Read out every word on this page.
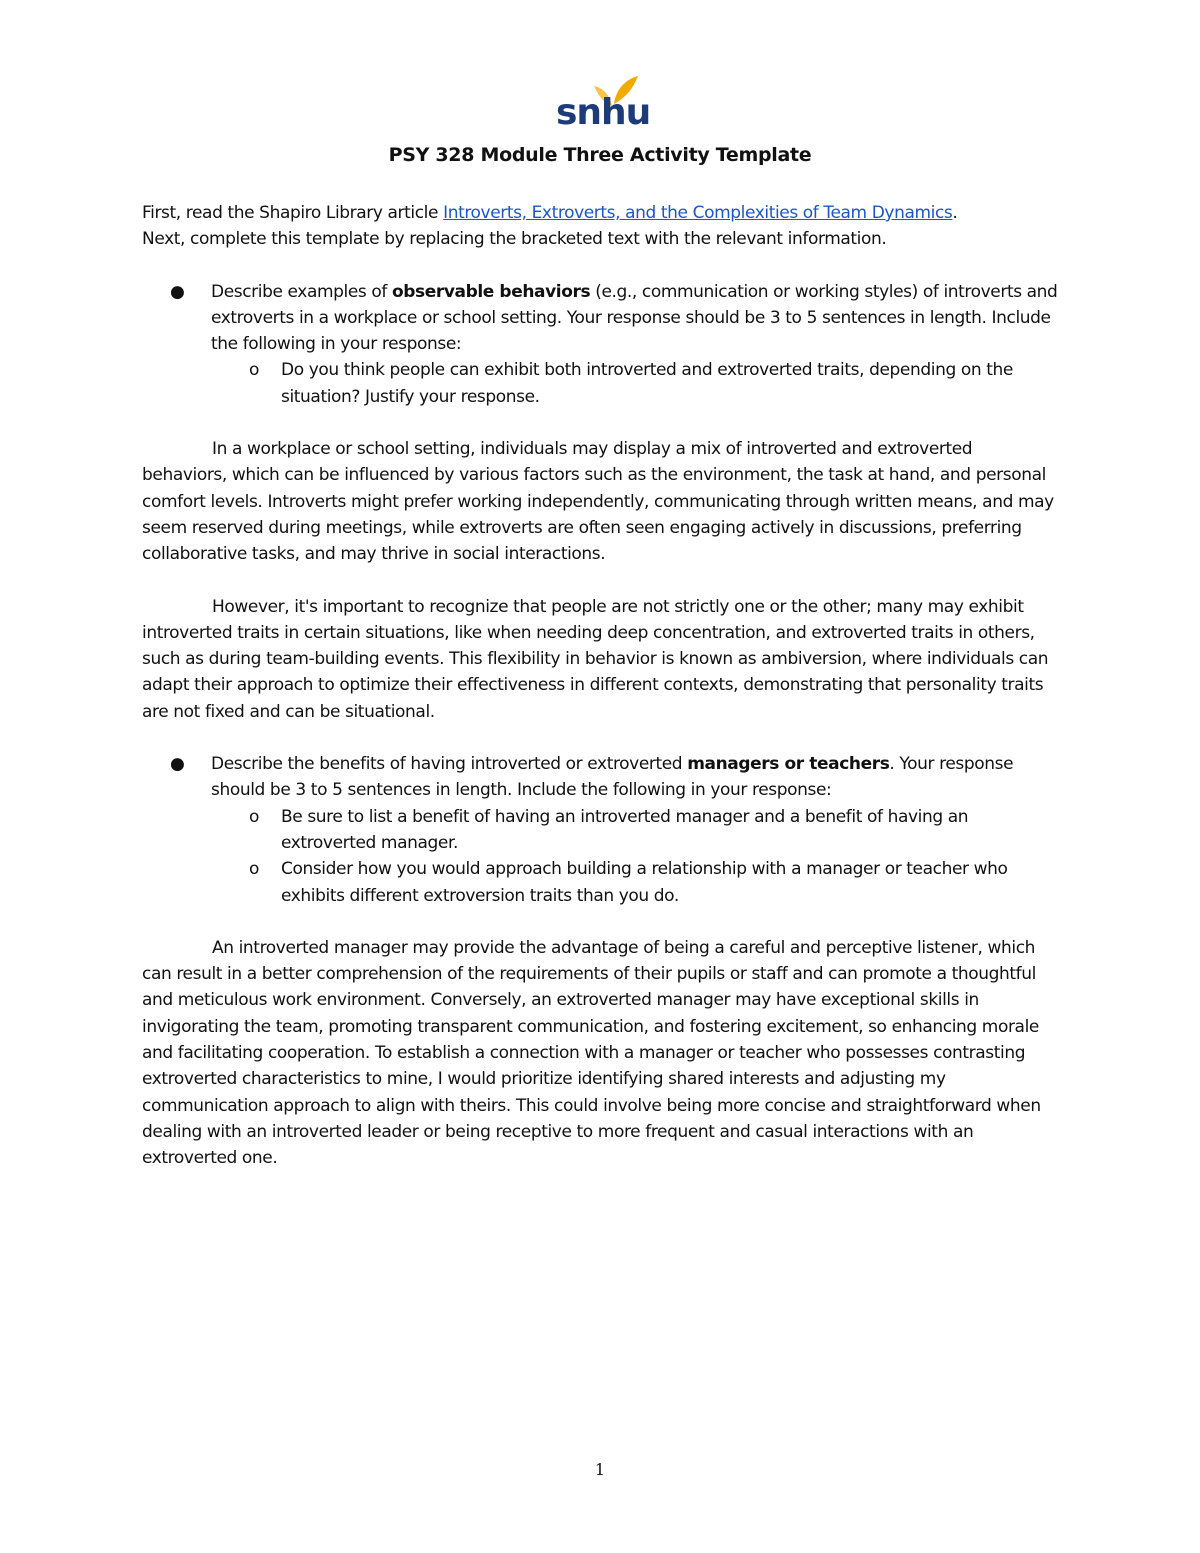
snhu
PSY 328 Module Three Activity Template

First, read the Shapiro Library article Introverts, Extroverts, and the Complexities of Team Dynamics.
Next, complete this template by replacing the bracketed text with the relevant information.

● Describe examples of observable behaviors (e.g., communication or working styles) of introverts and extroverts in a workplace or school setting. Your response should be 3 to 5 sentences in length. Include the following in your response:
o Do you think people can exhibit both introverted and extroverted traits, depending on the situation? Justify your response.

In a workplace or school setting, individuals may display a mix of introverted and extroverted behaviors, which can be influenced by various factors such as the environment, the task at hand, and personal comfort levels. Introverts might prefer working independently, communicating through written means, and may seem reserved during meetings, while extroverts are often seen engaging actively in discussions, preferring collaborative tasks, and may thrive in social interactions.

However, it's important to recognize that people are not strictly one or the other; many may exhibit introverted traits in certain situations, like when needing deep concentration, and extroverted traits in others, such as during team-building events. This flexibility in behavior is known as ambiversion, where individuals can adapt their approach to optimize their effectiveness in different contexts, demonstrating that personality traits are not fixed and can be situational.

● Describe the benefits of having introverted or extroverted managers or teachers. Your response should be 3 to 5 sentences in length. Include the following in your response:
o Be sure to list a benefit of having an introverted manager and a benefit of having an extroverted manager.
o Consider how you would approach building a relationship with a manager or teacher who exhibits different extroversion traits than you do.

An introverted manager may provide the advantage of being a careful and perceptive listener, which can result in a better comprehension of the requirements of their pupils or staff and can promote a thoughtful and meticulous work environment. Conversely, an extroverted manager may have exceptional skills in invigorating the team, promoting transparent communication, and fostering excitement, so enhancing morale and facilitating cooperation. To establish a connection with a manager or teacher who possesses contrasting extroverted characteristics to mine, I would prioritize identifying shared interests and adjusting my communication approach to align with theirs. This could involve being more concise and straightforward when dealing with an introverted leader or being receptive to more frequent and casual interactions with an extroverted one.

1
